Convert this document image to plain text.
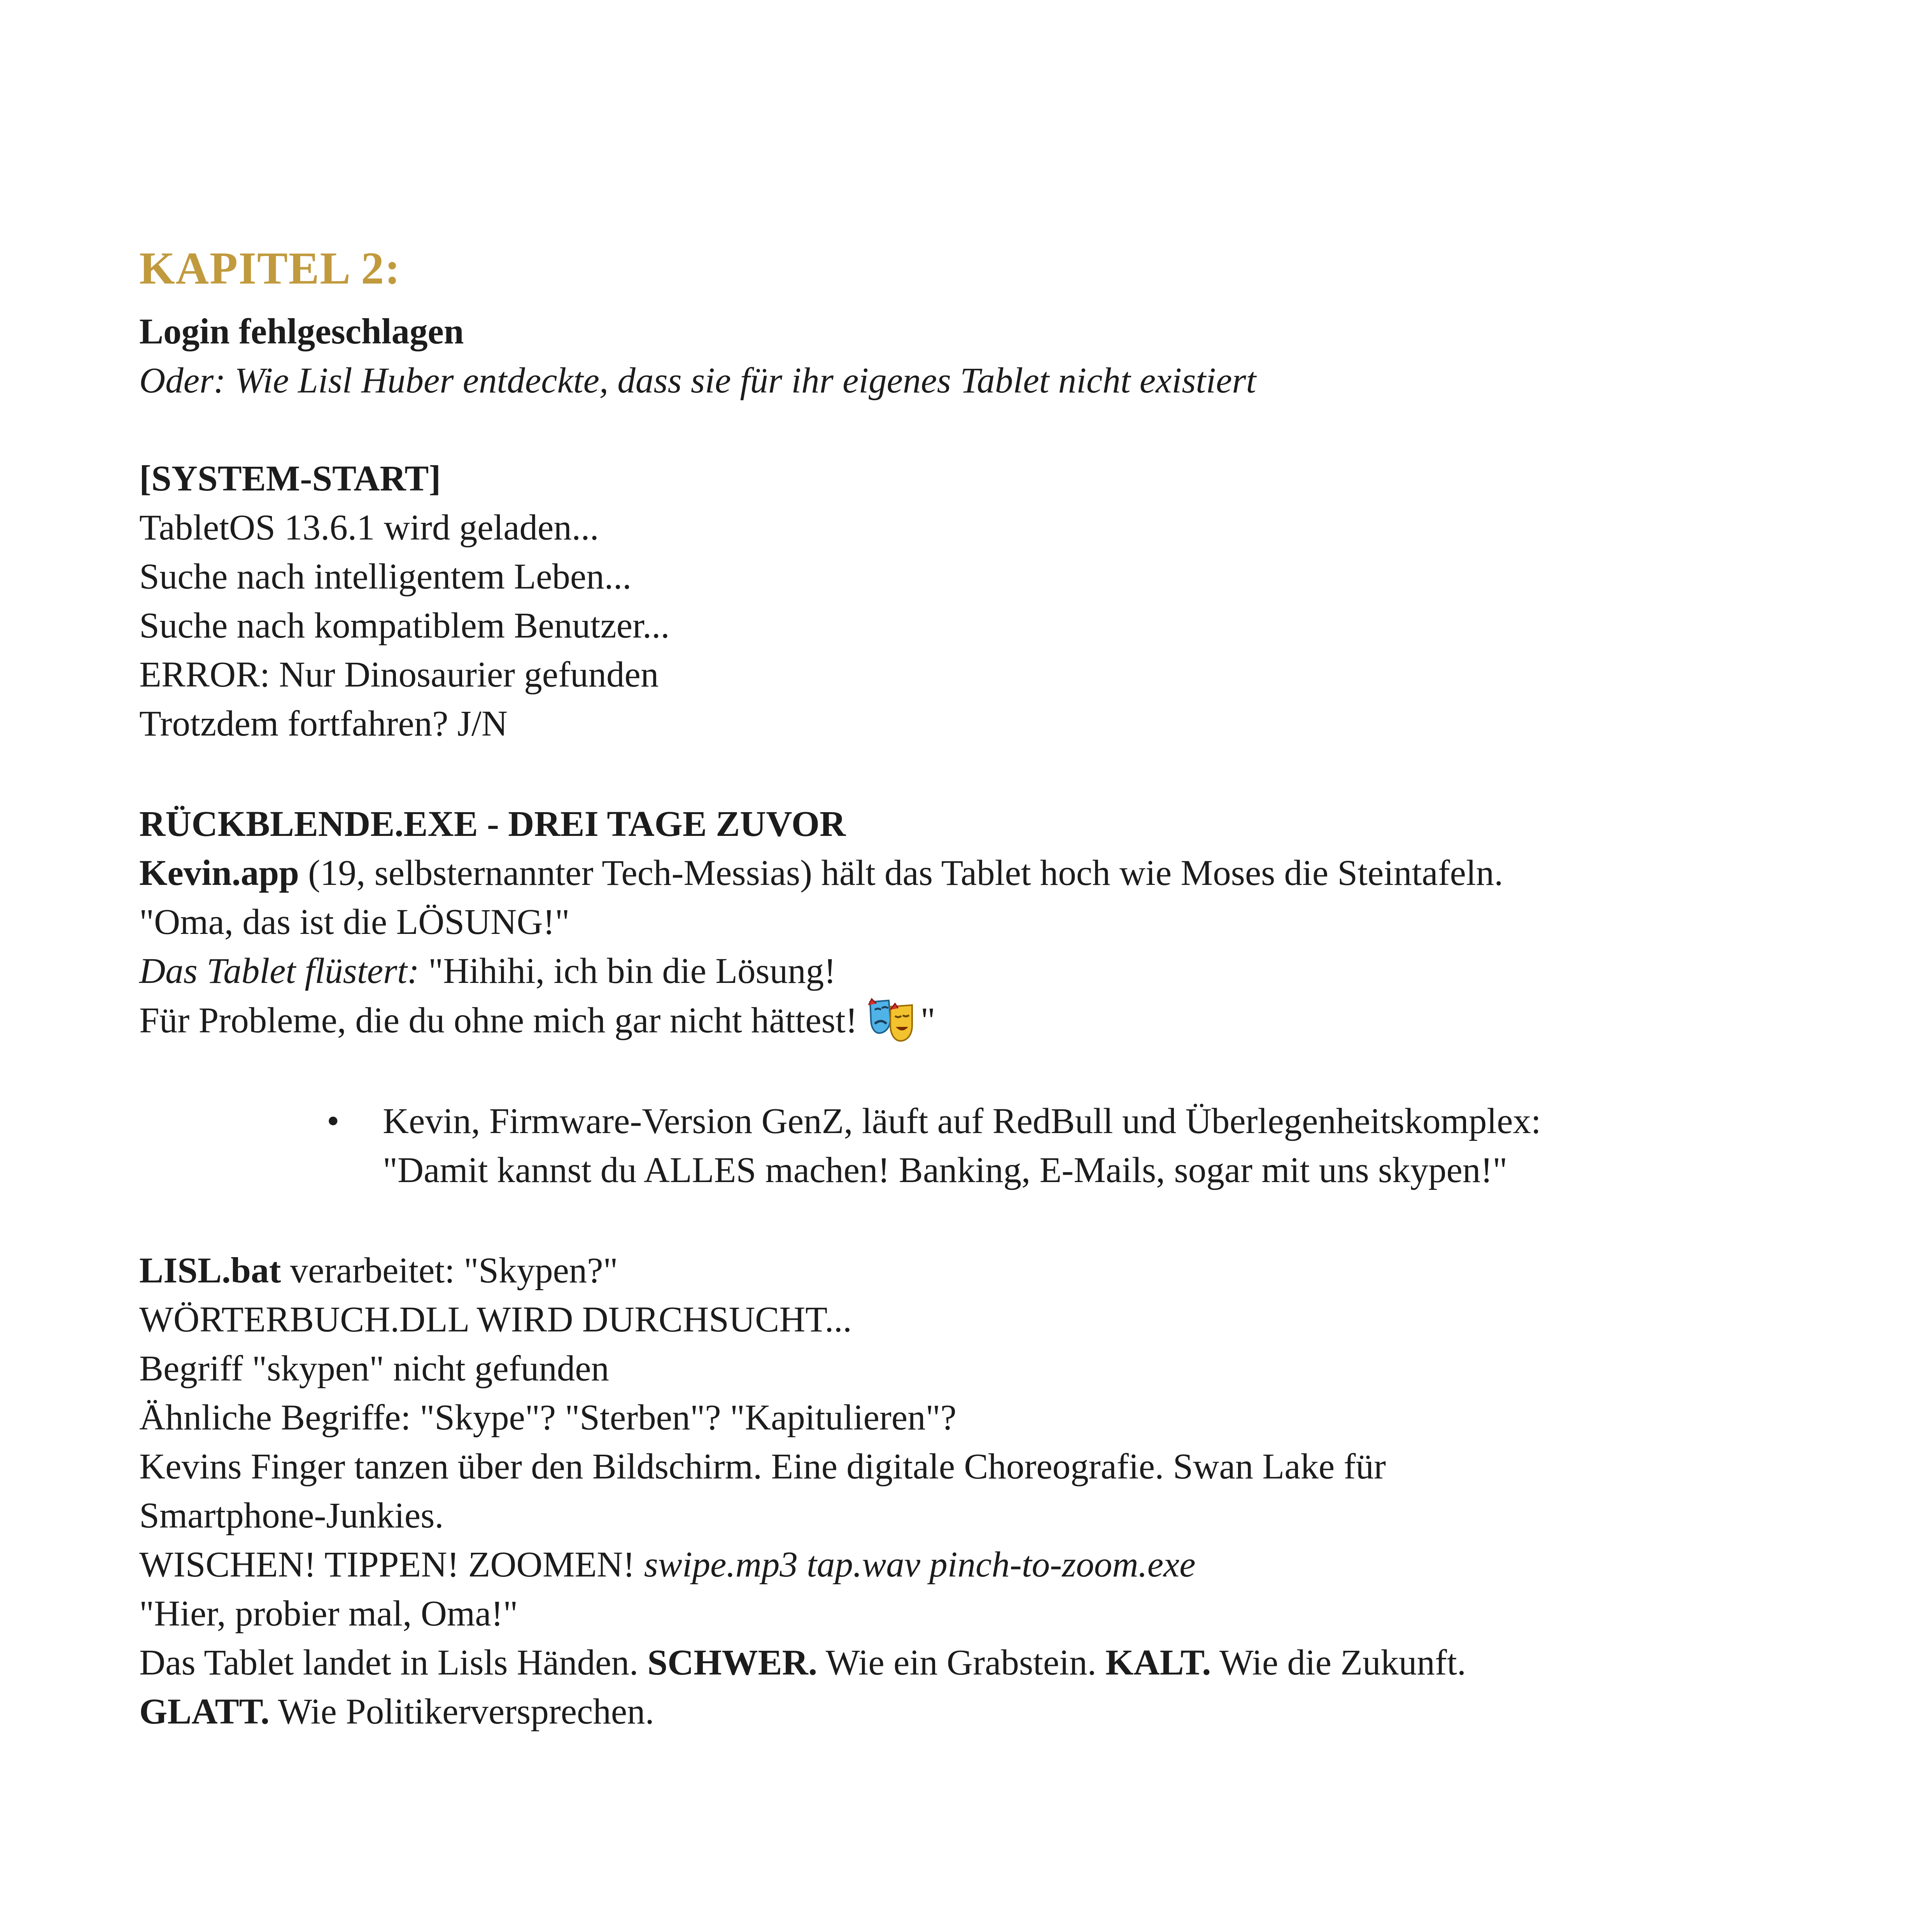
KAPITEL 2:

Login fehlgeschlagen

Oder: Wie Lisl Huber entdeckte, dass sie für ihr eigenes Tablet nicht existiert

[SYSTEM-START]

TabletOS 13.6.1 wird geladen...

Suche nach intelligentem Leben...

Suche nach kompatiblem Benutzer...

ERROR: Nur Dinosaurier gefunden

Trotzdem fortfahren? J/N

RÜCKBLENDE.EXE - DREI TAGE ZUVOR

Kevin.app (19, selbsternannter Tech-Messias) hält das Tablet hoch wie Moses die Steintafeln.

"Oma, das ist die LÖSUNG!"

Das Tablet flüstert: "Hihihi, ich bin die Lösung!

Für Probleme, die du ohne mich gar nicht hättest! "

• Kevin, Firmware-Version GenZ, läuft auf RedBull und Überlegenheitskomplex:

"Damit kannst du ALLES machen! Banking, E-Mails, sogar mit uns skypen!"

LISL.bat verarbeitet: "Skypen?"

WÖRTERBUCH.DLL WIRD DURCHSUCHT...

Begriff "skypen" nicht gefunden

Ähnliche Begriffe: "Skype"? "Sterben"? "Kapitulieren"?

Kevins Finger tanzen über den Bildschirm. Eine digitale Choreografie. Swan Lake für

Smartphone-Junkies.

WISCHEN! TIPPEN! ZOOMEN! swipe.mp3 tap.wav pinch-to-zoom.exe

"Hier, probier mal, Oma!"

Das Tablet landet in Lisls Händen. SCHWER. Wie ein Grabstein. KALT. Wie die Zukunft.

GLATT. Wie Politikerversprechen.
